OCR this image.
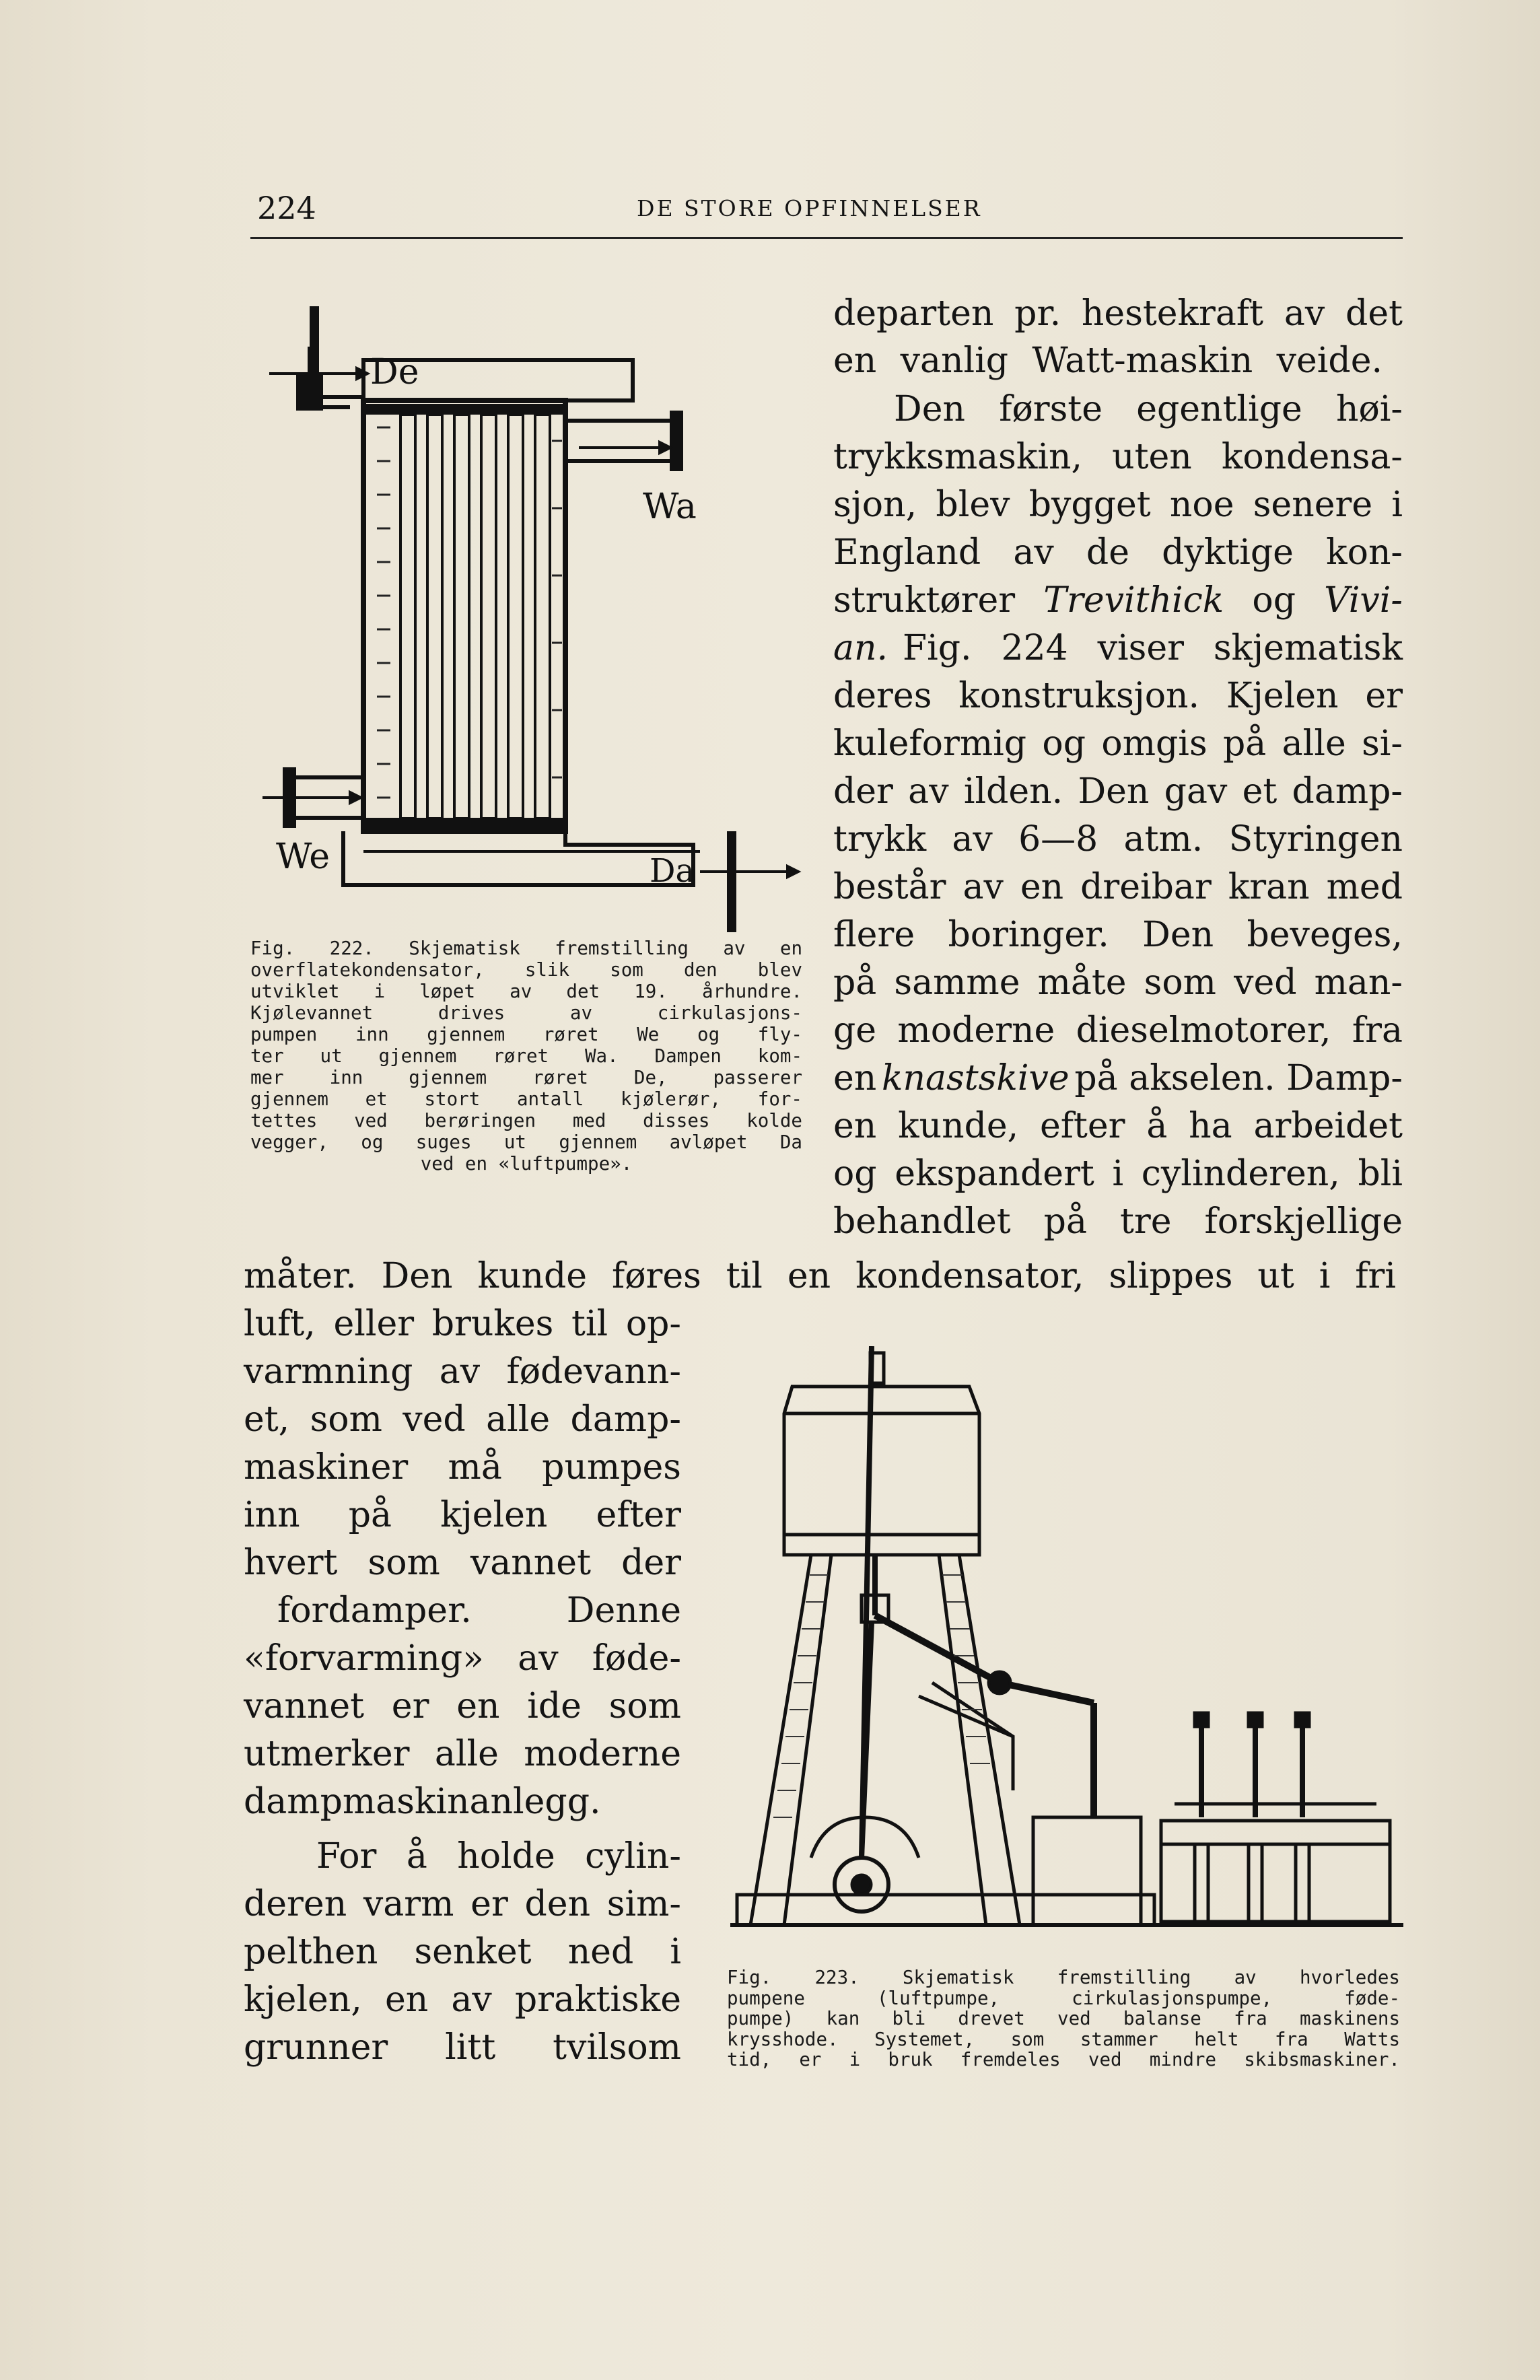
224	DE STORE OPFINNELSER
De
Wa
We	Da
Fig. 222. Skjematisk fremstilling av en
overflatekondensator, slik som den blev
utviklet i løpet av det 19. århundre.
Kjølevannet drives av cirkulasjons-
pumpen inn gjennem røret We og fly-
ter ut gjennem røret Wa. Dampen kom-
mer inn gjennem røret De, passerer
gjennem et stort antall kjølerør, for-
tettes ved berøringen med disses kolde
vegger, og suges ut gjennem avløpet Da
ved en «luftpumpe».
departen pr. hestekraft av det
en vanlig Watt-maskin veide.
Den første egentlige høi-
trykksmaskin, uten kondensa-
sjon, blev bygget noe senere i
England av de dyktige kon-
struktører Trevithick og Vivi-
an. Fig. 224 viser skjematisk
deres konstruksjon. Kjelen er
kuleformig og omgis på alle si-
der av ilden. Den gav et damp-
trykk av 6—8 atm. Styringen
består av en dreibar kran med
flere boringer. Den beveges,
på samme måte som ved man-
ge moderne dieselmotorer, fra
en knastskive på akselen. Damp-
en kunde, efter å ha arbeidet
og ekspandert i cylinderen, bli
behandlet på tre forskjellige
måter. Den kunde føres til en kondensator, slippes ut i fri
luft, eller brukes til op-
varmning av fødevann-
et, som ved alle damp-
maskiner må pumpes
inn på kjelen efter
hvert som vannet der
fordamper. Denne
«forvarming» av føde-
vannet er en ide som
utmerker alle moderne
dampmaskinanlegg.
For å holde cylin-
deren varm er den sim-
pelthen senket ned i
kjelen, en av praktiske
grunner litt tvilsom
Fig. 223. Skjematisk fremstilling av hvorledes
pumpene (luftpumpe, cirkulasjonspumpe, føde-
pumpe) kan bli drevet ved balanse fra maskinens
krysshode. Systemet, som stammer helt fra Watts
tid, er i bruk fremdeles ved mindre skibsmaskiner.
